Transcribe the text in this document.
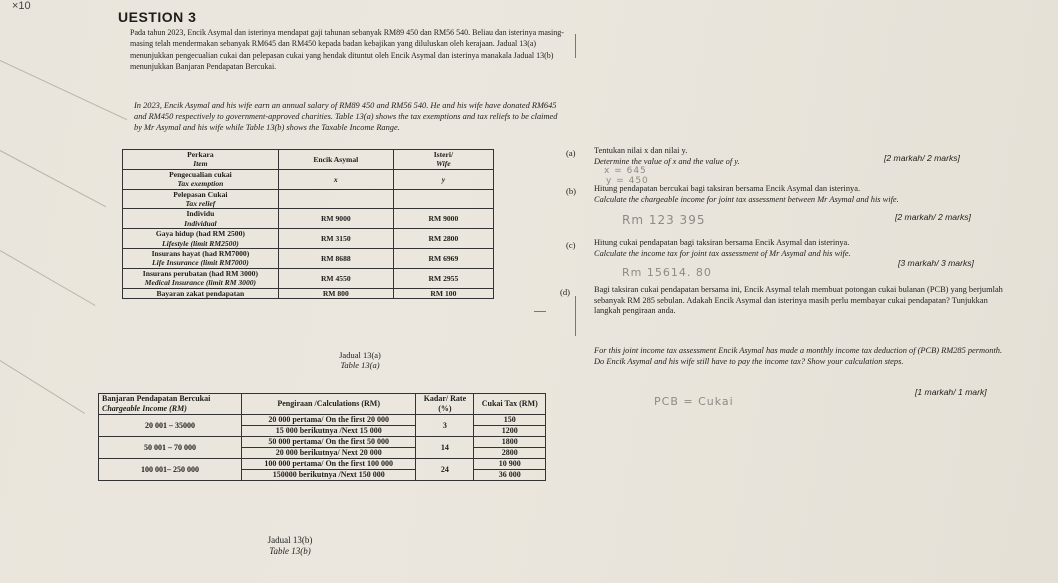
×10
UESTION 3
Pada tahun 2023, Encik Asymal dan isterinya mendapat gaji tahunan sebanyak RM89 450 dan RM56 540. Beliau dan isterinya masing-masing telah mendermakan sebanyak RM645 dan RM450 kepada badan kebajikan yang diluluskan oleh kerajaan. Jadual 13(a) menunjukkan pengecualian cukai dan pelepasan cukai yang hendak dituntut oleh Encik Asymal dan isterinya manakala Jadual 13(b) menunjukkan Banjaran Pendapatan Bercukai.
In 2023, Encik Asymal and his wife earn an annual salary of RM89 450 and RM56 540. He and his wife have donated RM645 and RM450 respectively to government-approved charities. Table 13(a) shows the tax exemptions and tax reliefs to be claimed by Mr Asymal and his wife while Table 13(b) shows the Taxable Income Range.
Perkara
Item	Encik Asymal	Isteri/
Wife

Pengecualian cukai
Tax exemption	x	y

Pelepasan Cukai
Tax relief		

Individu
Individual	RM 9000	RM 9000

Gaya hidup (had RM 2500)
Lifestyle (limit RM2500)	RM 3150	RM 2800

Insurans hayat (had RM7000)
Life Insurance (limit RM7000)	RM 8688	RM 6969

Insurans perubatan (had RM 3000)
Medical Insurance (limit RM 3000)	RM 4550	RM 2955

Bayaran zakat pendapatan	RM 800	RM 100
Jadual 13(a)
Table 13(a)
Banjaran Pendapatan Bercukai
Chargeable Income (RM)	Pengiraan /Calculations (RM)	Kadar/ Rate (%)	Cukai Tax (RM)
20 001 – 35000	20 000 pertama/ On the first 20 000	3	150
	15 000 berikutnya /Next 15 000		1200
50 001 – 70 000	50 000 pertama/ On the first 50 000	14	1800
	20 000 berikutnya/ Next 20 000		2800
100 001– 250 000	100 000 pertama/ On the first 100 000	24	10 900
	150000 berikutnya /Next 150 000		36 000
Jadual 13(b)
Table 13(b)
(a) Tentukan nilai x dan nilai y.
Determine the value of x and the value of y.	[2 markah/ 2 marks]
x = 645
y = 450
(b) Hitung pendapatan bercukai bagi taksiran bersama Encik Asymal dan isterinya.
Calculate the chargeable income for joint tax assessment between Mr Asymal and his wife.
Rm 123 395	[2 markah/ 2 marks]
(c) Hitung cukai pendapatan bagi taksiran bersama Encik Asymal dan isterinya.
Calculate the income tax for joint tax assessment of Mr Asymal and his wife.
[3 markah/ 3 marks]
Rm 15614. 80
(d)	Bagi taksiran cukai pendapatan bersama ini, Encik Asymal telah membuat potongan cukai bulanan (PCB) yang berjumlah sebanyak RM 285 sebulan. Adakah Encik Asymal dan isterinya masih perlu membayar cukai pendapatan? Tunjukkan langkah pengiraan anda.
For this joint income tax assessment Encik Asymal has made a monthly income tax deduction of (PCB) RM285 permonth. Do Encik Asymal and his wife still have to pay the income tax? Show your calculation steps.
PCB = Cukai
[1 markah/ 1 mark]
